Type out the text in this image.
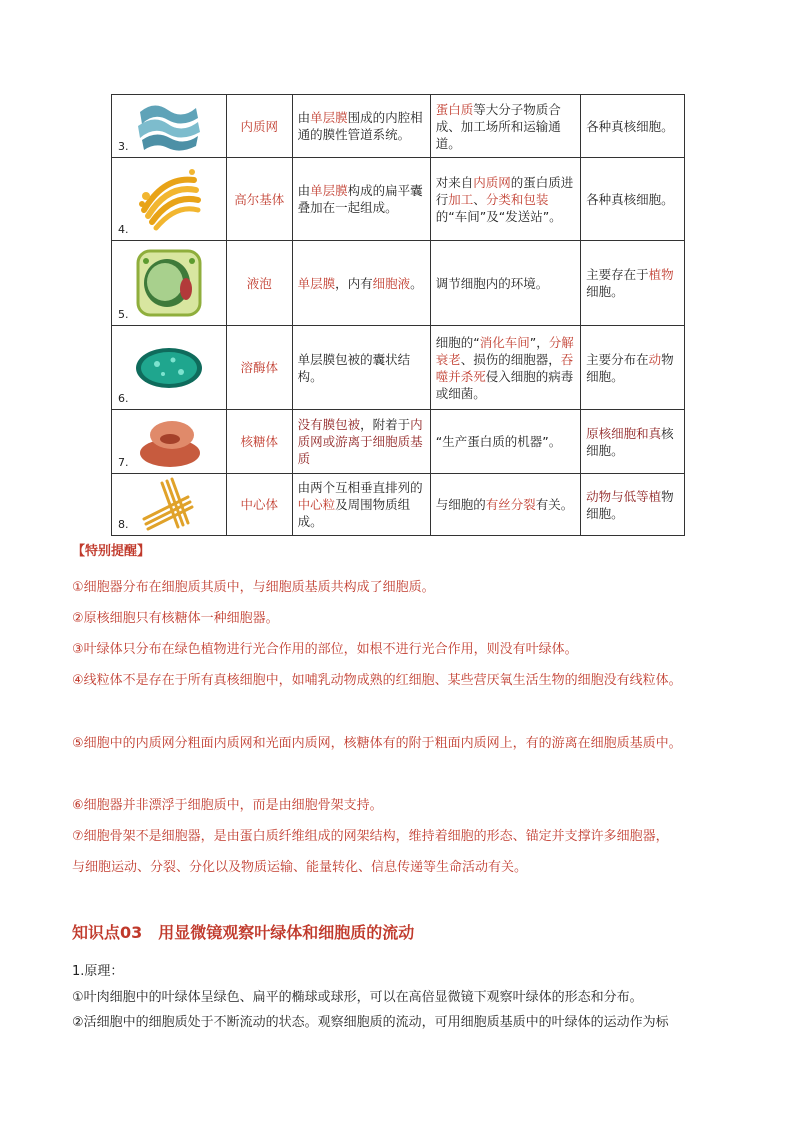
3.	内质网	由单层膜围成的内腔相通的膜性管道系统。	蛋白质等大分子物质合成、加工场所和运输通道。	各种真核细胞。

4.	高尔基体	由单层膜构成的扁平囊叠加在一起组成。	对来自内质网的蛋白质进行加工、分类和包装的“车间”及“发送站”。	各种真核细胞。

5.	液泡	单层膜，内有细胞液。	调节细胞内的环境。	主要存在于植物细胞。

6.	溶酶体	单层膜包被的囊状结构。	细胞的“消化车间”，分解衰老、损伤的细胞器，吞噬并杀死侵入细胞的病毒或细菌。	主要分布在动物细胞。

7.	核糖体	没有膜包被，附着于内质网或游离于细胞质基质	“生产蛋白质的机器”。	原核细胞和真核细胞。

8.	中心体	由两个互相垂直排列的中心粒及周围物质组成。	与细胞的有丝分裂有关。	动物与低等植物细胞。
【特别提醒】
①细胞器分布在细胞质其质中，与细胞质基质共构成了细胞质。
②原核细胞只有核糖体一种细胞器。
③叶绿体只分布在绿色植物进行光合作用的部位，如根不进行光合作用，则没有叶绿体。
④线粒体不是存在于所有真核细胞中，如哺乳动物成熟的红细胞、某些营厌氧生活生物的细胞没有线粒体。
⑤细胞中的内质网分粗面内质网和光面内质网，核糖体有的附于粗面内质网上，有的游离在细胞质基质中。
⑥细胞器并非漂浮于细胞质中，而是由细胞骨架支持。
⑦细胞骨架不是细胞器，是由蛋白质纤维组成的网架结构，维持着细胞的形态、锚定并支撑许多细胞器，
与细胞运动、分裂、分化以及物质运输、能量转化、信息传递等生命活动有关。
知识点03　用显微镜观察叶绿体和细胞质的流动
1.原理：
①叶肉细胞中的叶绿体呈绿色、扁平的椭球或球形，可以在高倍显微镜下观察叶绿体的形态和分布。
②活细胞中的细胞质处于不断流动的状态。观察细胞质的流动，可用细胞质基质中的叶绿体的运动作为标
